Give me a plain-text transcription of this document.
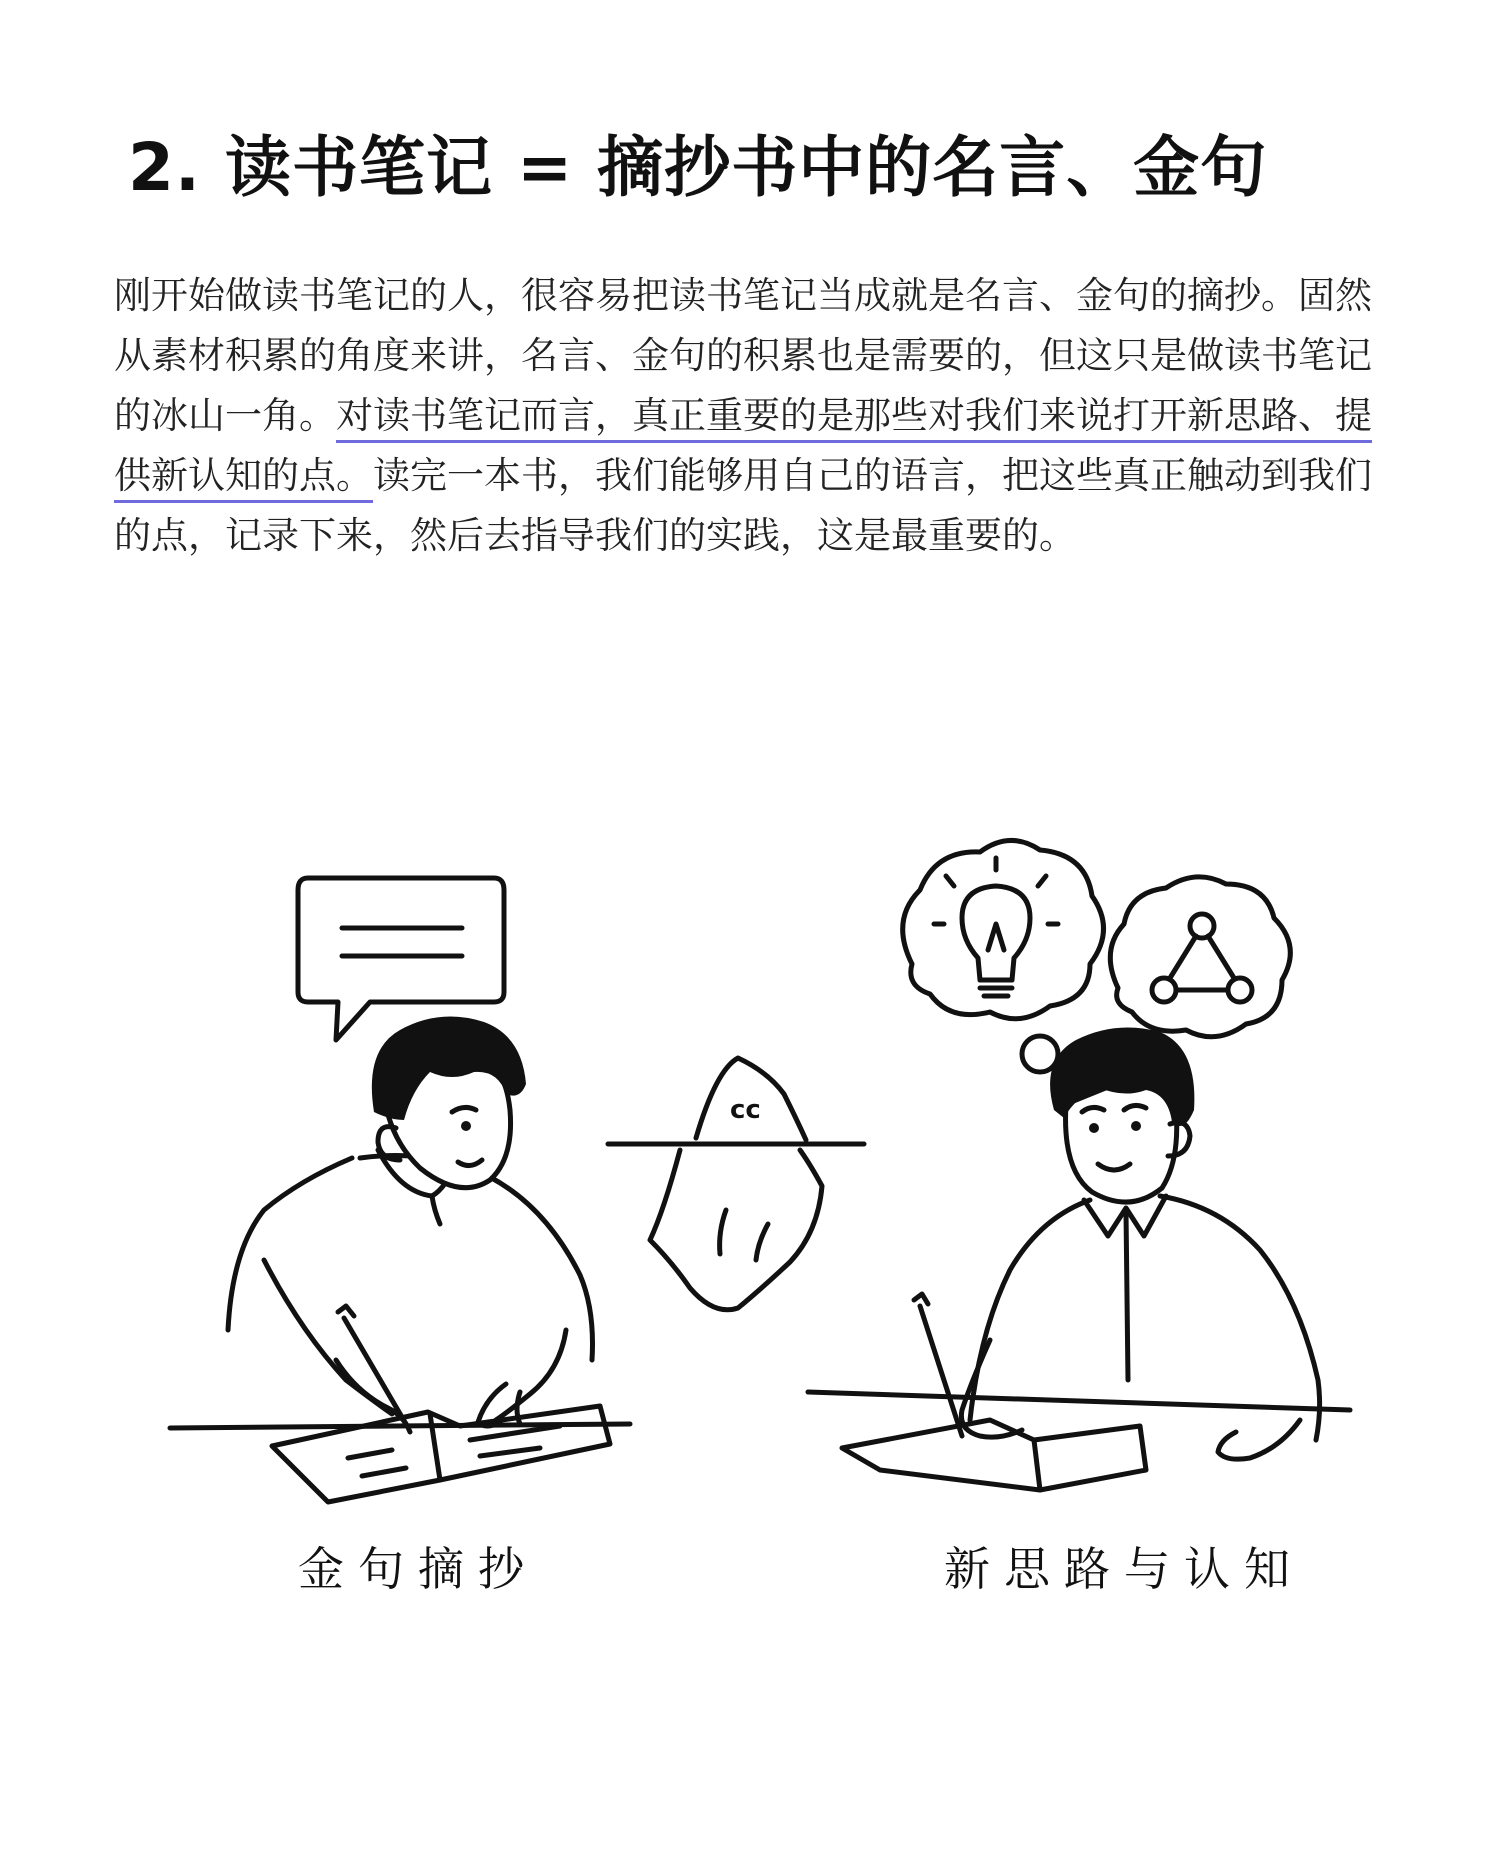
2. 读书笔记 = 摘抄书中的名言、金句

刚开始做读书笔记的人，很容易把读书笔记当成就是名言、金句的摘抄。固然从素材积累的角度来讲，名言、金句的积累也是需要的，但这只是做读书笔记的冰山一角。对读书笔记而言，真正重要的是那些对我们来说打开新思路、提供新认知的点。读完一本书，我们能够用自己的语言，把这些真正触动到我们的点，记录下来，然后去指导我们的实践，这是最重要的。

cc
金句摘抄	新思路与认知
